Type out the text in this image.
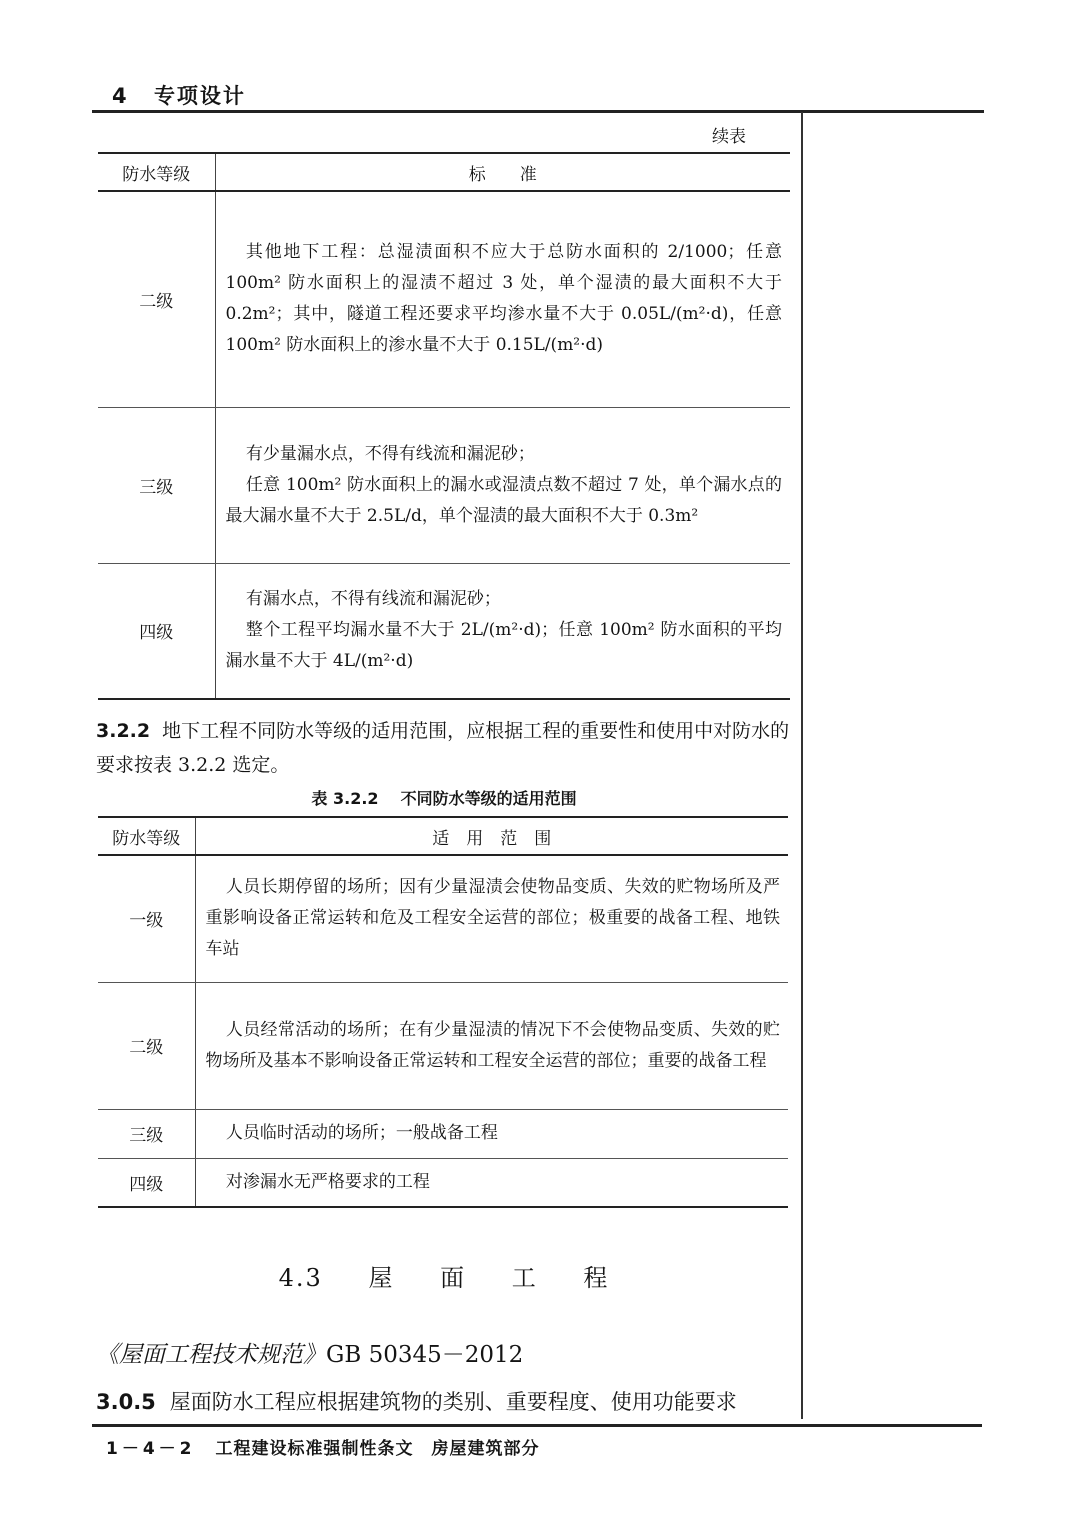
4 专项设计
续表
防水等级	标　　准
二级	其他地下工程：总湿渍面积不应大于总防水面积的 2/1000；任意 100m² 防水面积上的湿渍不超过 3 处，单个湿渍的最大面积不大于 0.2m²；其中，隧道工程还要求平均渗水量不大于 0.05L/(m²·d)，任意 100m² 防水面积上的渗水量不大于 0.15L/(m²·d)

三级	有少量漏水点，不得有线流和漏泥砂；

任意 100m² 防水面积上的漏水或湿渍点数不超过 7 处，单个漏水点的最大漏水量不大于 2.5L/d，单个湿渍的最大面积不大于 0.3m²

四级	有漏水点，不得有线流和漏泥砂；

整个工程平均漏水量不大于 2L/(m²·d)；任意 100m² 防水面积的平均漏水量不大于 4L/(m²·d)

3.2.2 地下工程不同防水等级的适用范围，应根据工程的重要性和使用中对防水的要求按表 3.2.2 选定。
表 3.2.2 不同防水等级的适用范围
防水等级	适　用　范　围
一级	人员长期停留的场所；因有少量湿渍会使物品变质、失效的贮物场所及严重影响设备正常运转和危及工程安全运营的部位；极重要的战备工程、地铁车站

二级	人员经常活动的场所；在有少量湿渍的情况下不会使物品变质、失效的贮物场所及基本不影响设备正常运转和工程安全运营的部位；重要的战备工程

三级	人员临时活动的场所；一般战备工程

四级	对渗漏水无严格要求的工程

4.3 屋 面 工 程
《屋面工程技术规范》GB 50345－2012
3.0.5 屋面防水工程应根据建筑物的类别、重要程度、使用功能要求
1－4－2 工程建设标准强制性条文　房屋建筑部分
